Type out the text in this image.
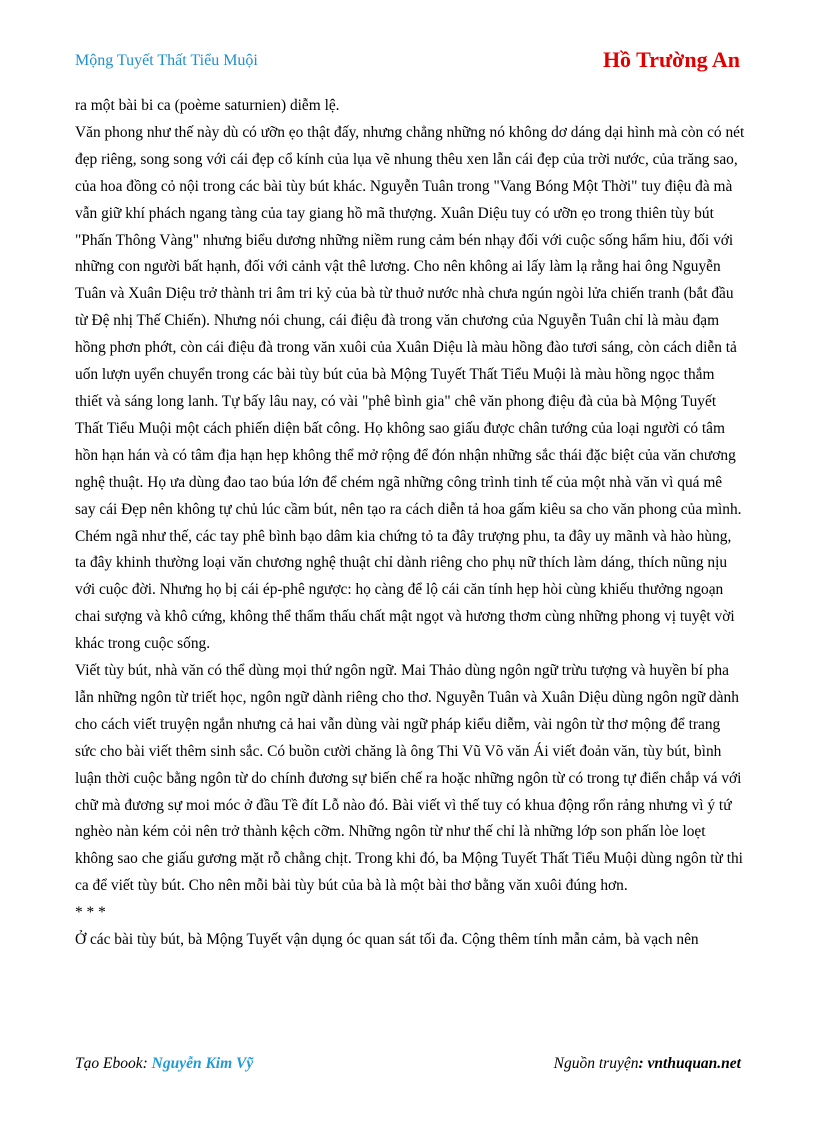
Mộng Tuyết Thất Tiểu Muội	Hồ Trường An

ra một bài bi ca (poème saturnien) diễm lệ.

Văn phong như thế này dù có ưỡn ẹo thật đấy, nhưng chẳng những nó không dơ dáng dại hình mà còn có nét đẹp riêng, song song với cái đẹp cổ kính của lụa vẽ nhung thêu xen lẫn cái đẹp của trời nước, của trăng sao, của hoa đồng cỏ nội trong các bài tùy bút khác. Nguyễn Tuân trong "Vang Bóng Một Thời" tuy điệu đà mà vẫn giữ khí phách ngang tàng của tay giang hồ mã thượng. Xuân Diệu tuy có ưỡn ẹo trong thiên tùy bút "Phấn Thông Vàng" nhưng biểu dương những niềm rung cảm bén nhạy đối với cuộc sống hẩm hiu, đối với những con người bất hạnh, đối với cảnh vật thê lương. Cho nên không ai lấy làm lạ rằng hai ông Nguyễn Tuân và Xuân Diệu trở thành tri âm tri kỷ của bà từ thuở nước nhà chưa ngún ngòi lửa chiến tranh (bắt đầu từ Đệ nhị Thế Chiến). Nhưng nói chung, cái điệu đà trong văn chương của Nguyễn Tuân chỉ là màu đạm hồng phơn phớt, còn cái điệu đà trong văn xuôi của Xuân Diệu là màu hồng đào tươi sáng, còn cách diễn tả uốn lượn uyển chuyển trong các bài tùy bút của bà Mộng Tuyết Thất Tiểu Muội là màu hồng ngọc thắm thiết và sáng long lanh. Tự bấy lâu nay, có vài "phê bình gia" chê văn phong điệu đà của bà Mộng Tuyết Thất Tiểu Muội một cách phiến diện bất công. Họ không sao giấu được chân tướng của loại người có tâm hồn hạn hán và có tâm địa hạn hẹp không thể mở rộng để đón nhận những sắc thái đặc biệt của văn chương nghệ thuật. Họ ưa dùng đao tao búa lớn để chém ngã những công trình tinh tế của một nhà văn vì quá mê say cái Đẹp nên không tự chủ lúc cầm bút, nên tạo ra cách diễn tả hoa gấm kiêu sa cho văn phong của mình. Chém ngã như thế, các tay phê bình bạo dâm kia chứng tỏ ta đây trượng phu, ta đây uy mãnh và hào hùng, ta đây khinh thường loại văn chương nghệ thuật chỉ dành riêng cho phụ nữ thích làm dáng, thích nũng nịu với cuộc đời. Nhưng họ bị cái ép-phê ngược: họ càng để lộ cái căn tính hẹp hòi cùng khiếu thưởng ngoạn chai sượng và khô cứng, không thể thẩm thấu chất mật ngọt và hương thơm cùng những phong vị tuyệt vời khác trong cuộc sống.

Viết tùy bút, nhà văn có thể dùng mọi thứ ngôn ngữ. Mai Thảo dùng ngôn ngữ trừu tượng và huyền bí pha lẫn những ngôn từ triết học, ngôn ngữ dành riêng cho thơ. Nguyễn Tuân và Xuân Diệu dùng ngôn ngữ dành cho cách viết truyện ngắn nhưng cả hai vẫn dùng vài ngữ pháp kiểu diễm, vài ngôn từ thơ mộng để trang sức cho bài viết thêm sinh sắc. Có buồn cười chăng là ông Thi Vũ Võ văn Ái viết đoản văn, tùy bút, bình luận thời cuộc bằng ngôn từ do chính đương sự biến chế ra hoặc những ngôn từ có trong tự điển chắp vá với chữ mà đương sự moi móc ở đầu Tề đít Lỗ nào đó. Bài viết vì thế tuy có khua động rổn rảng nhưng vì ý tứ nghèo nàn kém cỏi nên trở thành kệch cỡm. Những ngôn từ như thế chỉ là những lớp son phấn lòe loẹt không sao che giấu gương mặt rỗ chằng chịt. Trong khi đó, ba Mộng Tuyết Thất Tiểu Muội dùng ngôn từ thi ca để viết tùy bút. Cho nên mỗi bài tùy bút của bà là một bài thơ bằng văn xuôi đúng hơn.

* * *

Ở các bài tùy bút, bà Mộng Tuyết vận dụng óc quan sát tối đa. Cộng thêm tính mẫn cảm, bà vạch nên

Tạo Ebook: Nguyễn Kim Vỹ	Nguồn truyện: vnthuquan.net
